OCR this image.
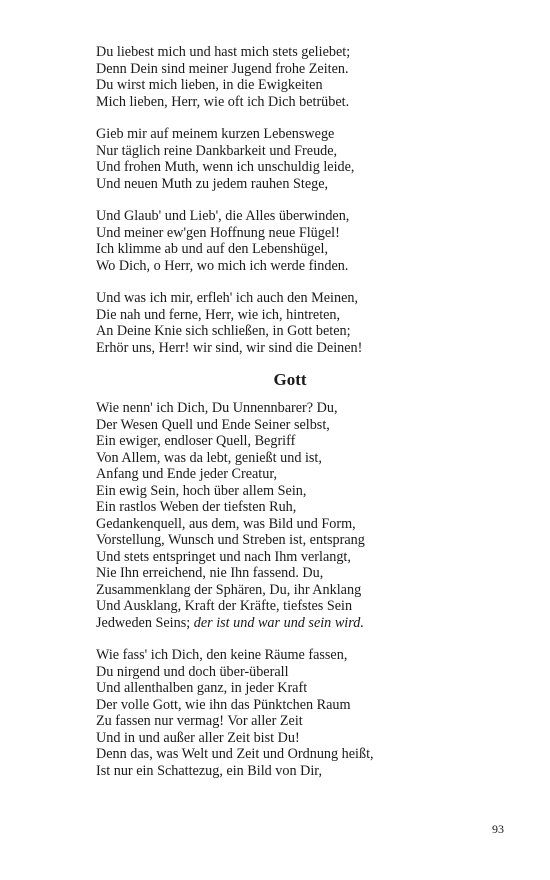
Du liebest mich und hast mich stets geliebet;
Denn Dein sind meiner Jugend frohe Zeiten.
Du wirst mich lieben, in die Ewigkeiten
Mich lieben, Herr, wie oft ich Dich betrübet.

Gieb mir auf meinem kurzen Lebenswege
Nur täglich reine Dankbarkeit und Freude,
Und frohen Muth, wenn ich unschuldig leide,
Und neuen Muth zu jedem rauhen Stege,

Und Glaub' und Lieb', die Alles überwinden,
Und meiner ew'gen Hoffnung neue Flügel!
Ich klimme ab und auf den Lebenshügel,
Wo Dich, o Herr, wo mich ich werde finden.

Und was ich mir, erfleh' ich auch den Meinen,
Die nah und ferne, Herr, wie ich, hintreten,
An Deine Knie sich schließen, in Gott beten;
Erhör uns, Herr! wir sind, wir sind die Deinen!

Gott

Wie nenn' ich Dich, Du Unnennbarer? Du,
Der Wesen Quell und Ende Seiner selbst,
Ein ewiger, endloser Quell, Begriff
Von Allem, was da lebt, genießt und ist,
Anfang und Ende jeder Creatur,
Ein ewig Sein, hoch über allem Sein,
Ein rastlos Weben der tiefsten Ruh,
Gedankenquell, aus dem, was Bild und Form,
Vorstellung, Wunsch und Streben ist, entsprang
Und stets entspringet und nach Ihm verlangt,
Nie Ihn erreichend, nie Ihn fassend. Du,
Zusammenklang der Sphären, Du, ihr Anklang
Und Ausklang, Kraft der Kräfte, tiefstes Sein
Jedweden Seins; der ist und war und sein wird.

Wie fass' ich Dich, den keine Räume fassen,
Du nirgend und doch über-überall
Und allenthalben ganz, in jeder Kraft
Der volle Gott, wie ihn das Pünktchen Raum
Zu fassen nur vermag! Vor aller Zeit
Und in und außer aller Zeit bist Du!
Denn das, was Welt und Zeit und Ordnung heißt,
Ist nur ein Schattezug, ein Bild von Dir,

93
